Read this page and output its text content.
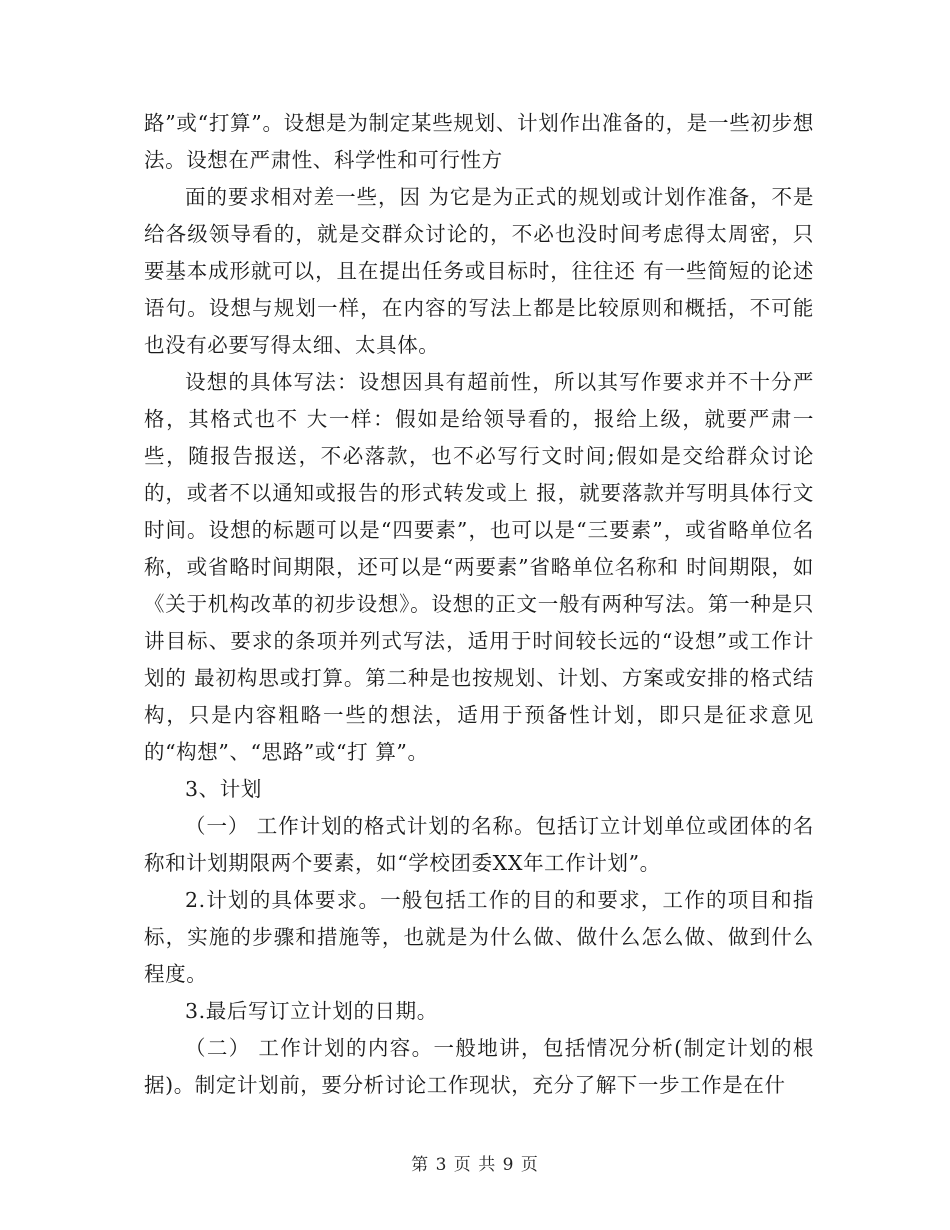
路”或“打算”。设想是为制定某些规划、计划作出准备的，是一些初步想法。设想在严肃性、科学性和可行性方

面的要求相对差一些，因 为它是为正式的规划或计划作准备，不是给各级领导看的，就是交群众讨论的，不必也没时间考虑得太周密，只要基本成形就可以，且在提出任务或目标时，往往还 有一些简短的论述语句。设想与规划一样，在内容的写法上都是比较原则和概括，不可能也没有必要写得太细、太具体。

设想的具体写法：设想因具有超前性，所以其写作要求并不十分严格，其格式也不 大一样：假如是给领导看的，报给上级，就要严肃一些，随报告报送，不必落款，也不必写行文时间;假如是交给群众讨论的，或者不以通知或报告的形式转发或上 报，就要落款并写明具体行文时间。设想的标题可以是“四要素”，也可以是“三要素”，或省略单位名称，或省略时间期限，还可以是“两要素”省略单位名称和 时间期限，如《关于机构改革的初步设想》。设想的正文一般有两种写法。第一种是只讲目标、要求的条项并列式写法，适用于时间较长远的“设想”或工作计划的 最初构思或打算。第二种是也按规划、计划、方案或安排的格式结构，只是内容粗略一些的想法，适用于预备性计划，即只是征求意见的“构想”、“思路”或“打 算”。

3、计划

（一） 工作计划的格式计划的名称。包括订立计划单位或团体的名称和计划期限两个要素，如“学校团委XX年工作计划”。

2.计划的具体要求。一般包括工作的目的和要求，工作的项目和指标，实施的步骤和措施等，也就是为什么做、做什么怎么做、做到什么程度。

3.最后写订立计划的日期。

（二） 工作计划的内容。一般地讲，包括情况分析(制定计划的根据)。制定计划前，要分析讨论工作现状，充分了解下一步工作是在什

第 3 页 共 9 页
